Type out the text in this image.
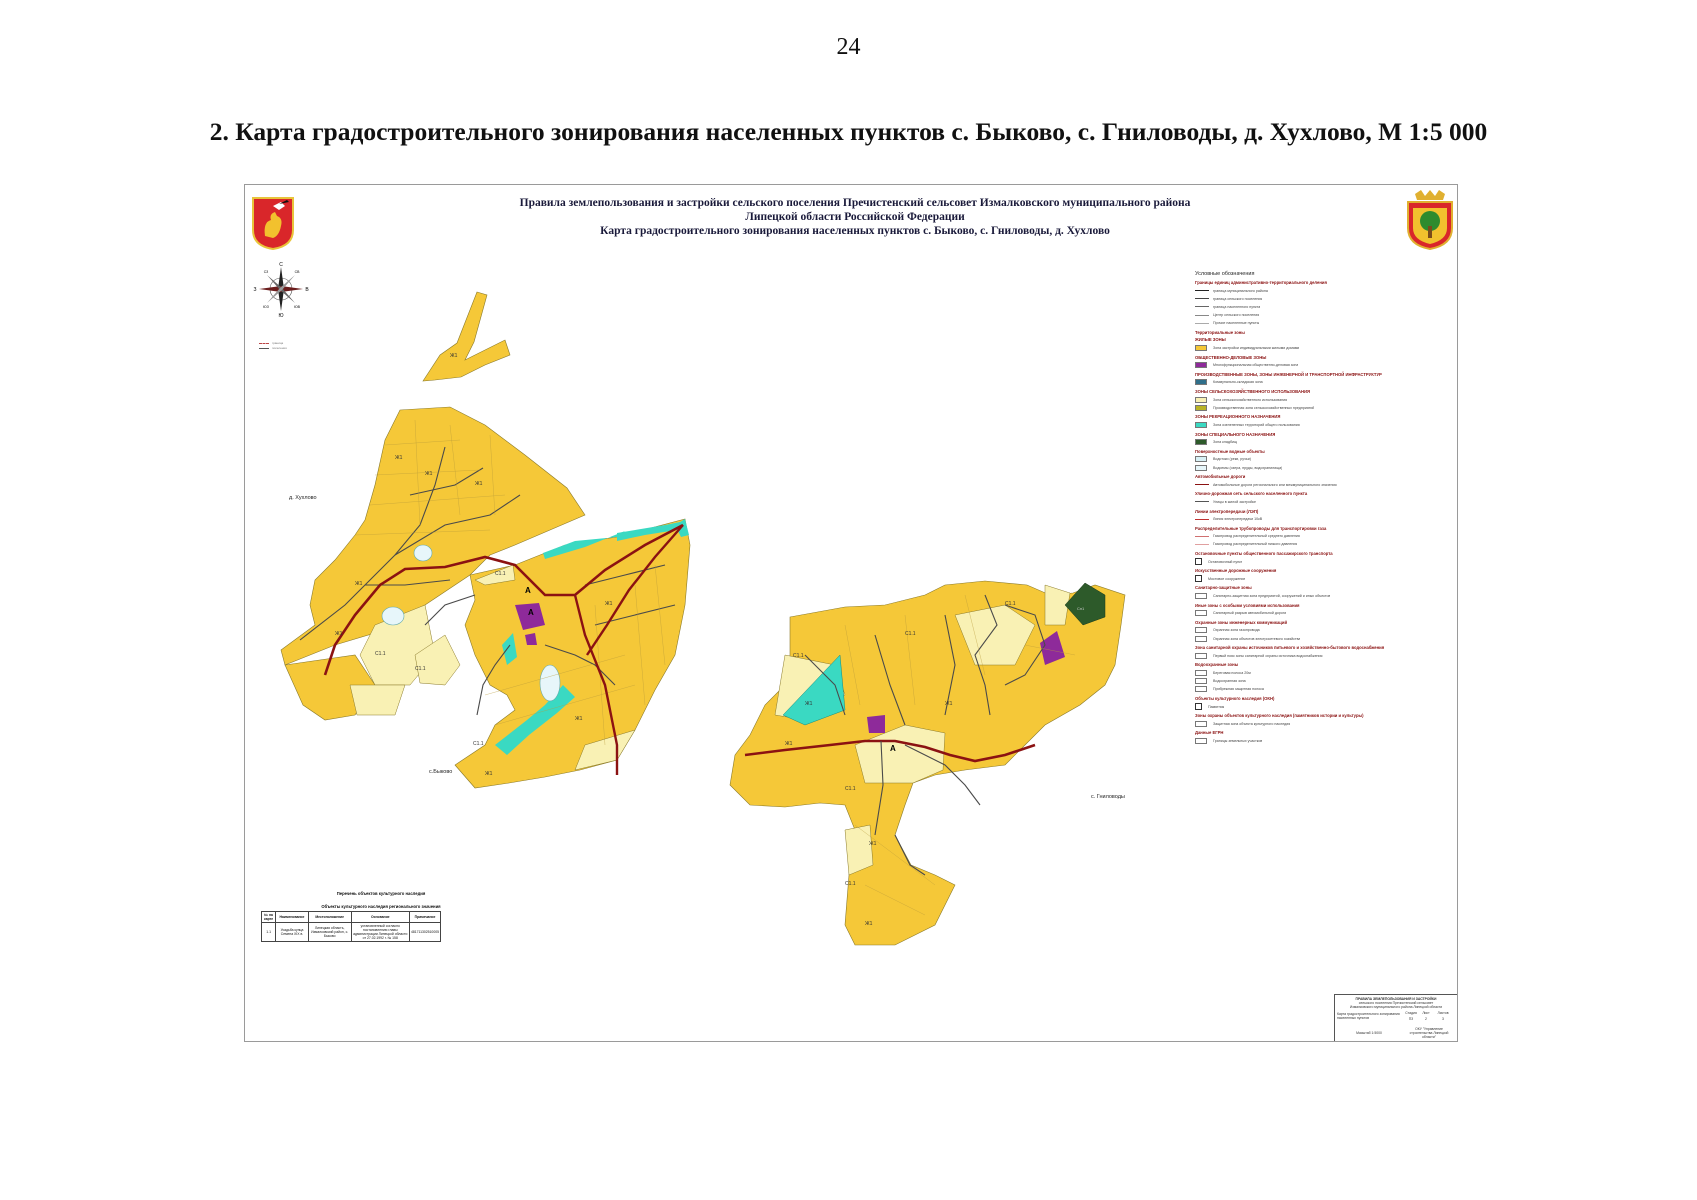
24
2. Карта градостроительного зонирования населенных пунктов с. Быково, с. Гниловоды, д. Хухлово, М 1:5 000
Правила землепользования и застройки сельского поселения Пречистенский сельсовет Измалковского муниципального района
Липецкой области Российской Федерации
Карта градостроительного зонирования населенных пунктов с. Быково, с. Гниловоды, д. Хухлово
С
Ю
З	В
СЗ	СВ
ЮЗ	ЮВ
граница
поселения
А
А
А
Ж1
Ж1
Ж1
Ж1
Ж1
Ж1
С1.1
С1.1
С1.1
Ж1
Ж1
Ж1
С1.1
Ж1
Ж1
С1.1
С1.1
Ж1
С1.1
С1.1
Ж1
С1.1
Ж1
Сп1
д. Хухлово
с.Быково
с. Гниловоды
Условные обозначения
Границы единиц административно-территориального деления
граница муниципального района
граница сельского поселения
граница населенного пункта
Центр сельского поселения
Прочие населенные пункты
Территориальные зоны
ЖИЛЫЕ ЗОНЫ
Зона застройки индивидуальными жилыми домами
ОБЩЕСТВЕННО-ДЕЛОВЫЕ ЗОНЫ
Многофункциональная общественно-деловая зона
ПРОИЗВОДСТВЕННЫЕ ЗОНЫ, ЗОНЫ ИНЖЕНЕРНОЙ И ТРАНСПОРТНОЙ ИНФРАСТРУКТУР
Коммунально-складская зона
ЗОНЫ СЕЛЬСКОХОЗЯЙСТВЕННОГО ИСПОЛЬЗОВАНИЯ
Зона сельскохозяйственного использования
Производственная зона сельскохозяйственных предприятий
ЗОНЫ РЕКРЕАЦИОННОГО НАЗНАЧЕНИЯ
Зона озелененных территорий общего пользования
ЗОНЫ СПЕЦИАЛЬНОГО НАЗНАЧЕНИЯ
Зона кладбищ
Поверхностные водные объекты
Водотоки (реки, ручьи)
Водоемы (озера, пруды, водохранилища)
Автомобильные дороги
Автомобильные дороги регионального или межмуниципального значения
Улично-дорожная сеть сельского населенного пункта
Улицы в жилой застройке
Линии электропередачи (ЛЭП)
Линия электропередачи 10кВ
Распределительные трубопроводы для транспортировки газа
Газопровод распределительный среднего давления
Газопровод распределительный низкого давления
Остановочные пункты общественного пассажирского транспорта
Остановочный пункт
Искусственные дорожные сооружения
Мостовое сооружение
Санитарно-защитные зоны
Санитарно-защитная зона предприятий, сооружений и иных объектов
Иные зоны с особыми условиями использования
Санитарный разрыв автомобильной дороги
Охранные зоны инженерных коммуникаций
Охранная зона газопровода
Охранная зона объектов электросетевого хозяйства
Зона санитарной охраны источников питьевого и хозяйственно-бытового водоснабжения
Первый пояс зоны санитарной охраны источника водоснабжения
Водоохранные зоны
Береговая полоса 20м
Водоохранная зона
Прибрежная защитная полоса
Объекты культурного наследия (ОКН)
Памятник
Зоны охраны объектов культурного наследия (памятников истории и культуры)
Защитная зона объекта культурного наследия
Данные ЕГРН
Границы земельных участков
Перечень объектов культурного наследия
Объекты культурного наследия регионального значения
№ на карте	Наименование	Местоположение	Основание	Примечание
1.1	Усадьба купца Семена XIX в.	Липецкая область, Измалковский район, с. Быково	установленный согласно постановлению главы администрации Липецкой области от 27.02.1992 г. № 158	481711302510005
ПРАВИЛА ЗЕМЛЕПОЛЬЗОВАНИЯ И ЗАСТРОЙКИ
сельского поселения Пречистенский сельсовет
Измалковского муниципального района Липецкой области
Карта градостроительного зонирования населенных пунктов
Стадия	Лист	Листов
ПЗ	2	3
Масштаб 1:5000
ОКУ "Управление строительства Липецкой области"
